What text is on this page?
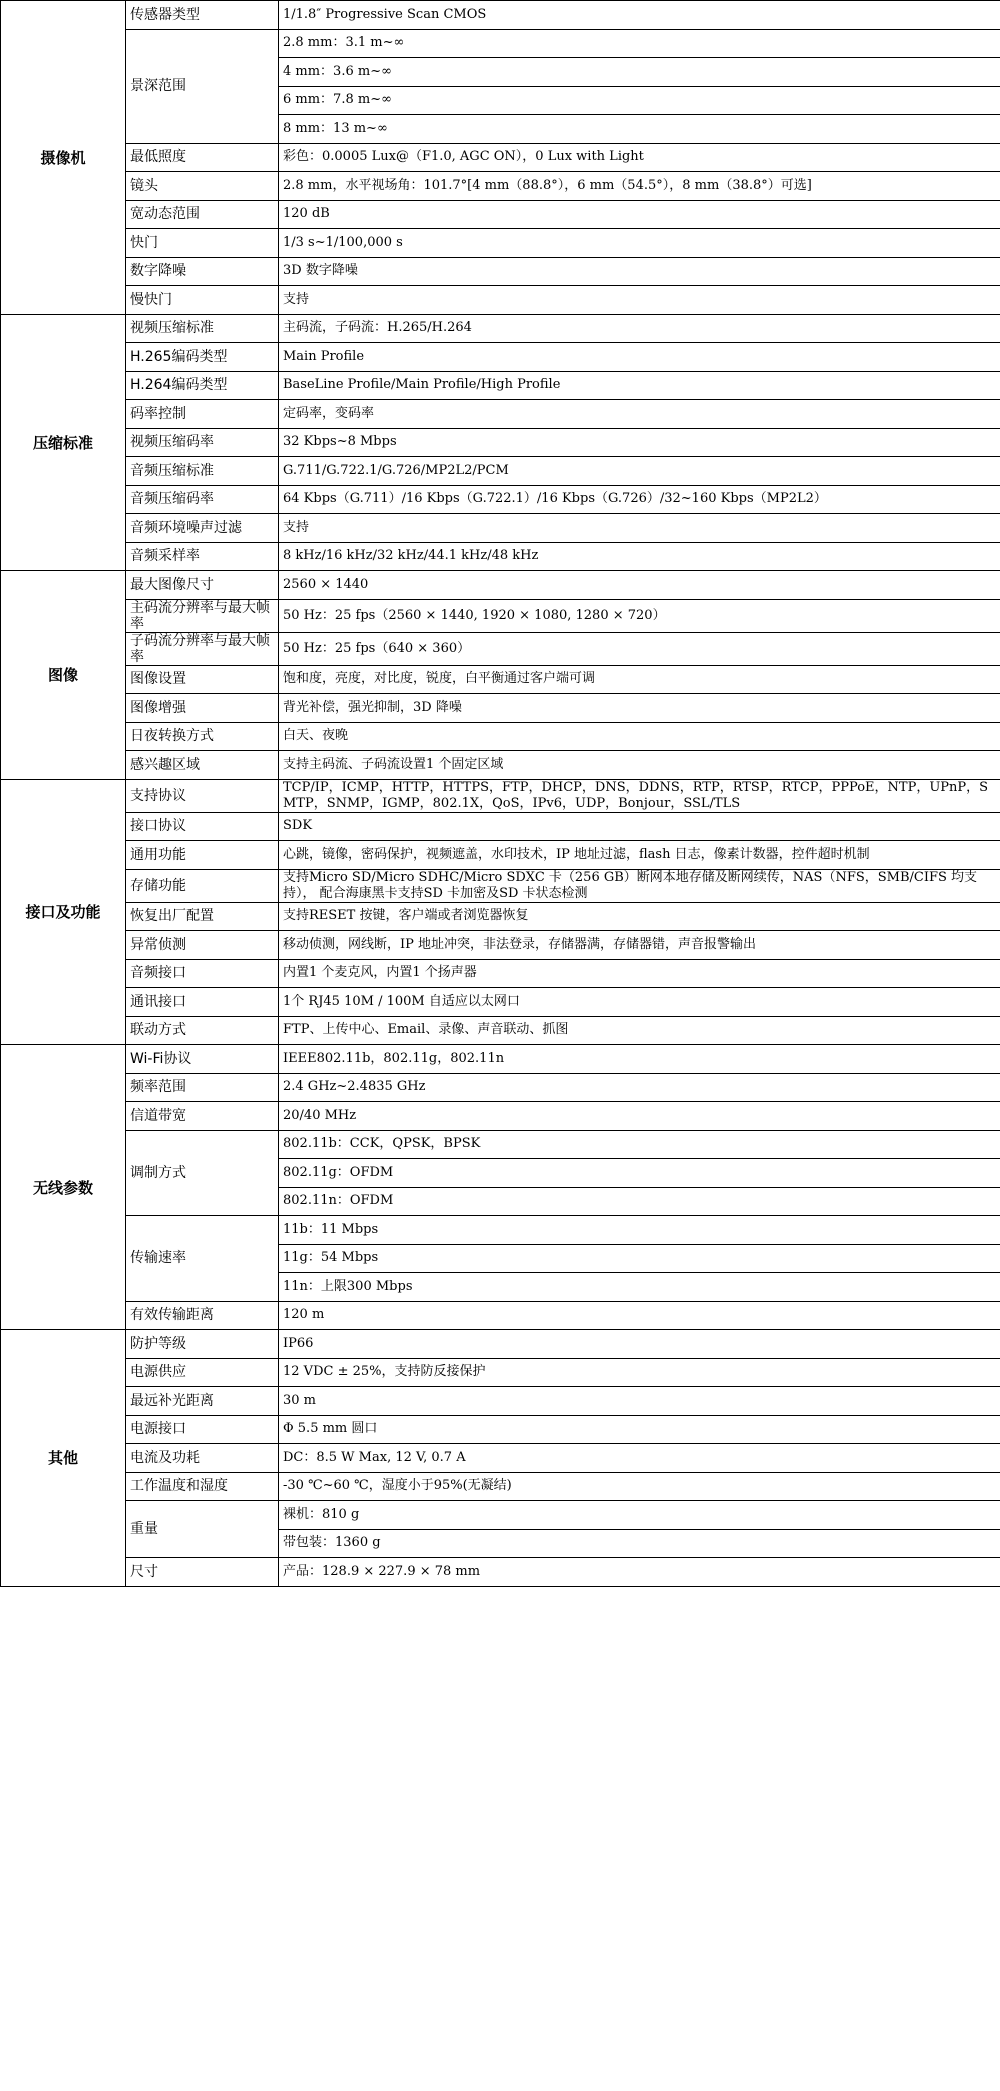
摄像机	传感器类型	1/1.8″ Progressive Scan CMOS
	景深范围	2.8 mm：3.1 m~∞
		4 mm：3.6 m~∞
		6 mm：7.8 m~∞
		8 mm：13 m~∞
	最低照度	彩色：0.0005 Lux@（F1.0, AGC ON），0 Lux with Light
	镜头	2.8 mm，水平视场角：101.7°[4 mm（88.8°），6 mm（54.5°），8 mm（38.8°）可选]
	宽动态范围	120 dB
	快门	1/3 s~1/100,000 s
	数字降噪	3D 数字降噪
	慢快门	支持
压缩标准	视频压缩标准	主码流，子码流：H.265/H.264
	H.265编码类型	Main Profile
	H.264编码类型	BaseLine Profile/Main Profile/High Profile
	码率控制	定码率，变码率
	视频压缩码率	32 Kbps~8 Mbps
	音频压缩标准	G.711/G.722.1/G.726/MP2L2/PCM
	音频压缩码率	64 Kbps（G.711）/16 Kbps（G.722.1）/16 Kbps（G.726）/32~160 Kbps（MP2L2）
	音频环境噪声过滤	支持
	音频采样率	8 kHz/16 kHz/32 kHz/44.1 kHz/48 kHz
图像	最大图像尺寸	2560 × 1440
	主码流分辨率与最大帧率	50 Hz：25 fps（2560 × 1440, 1920 × 1080, 1280 × 720）
	子码流分辨率与最大帧率	50 Hz：25 fps（640 × 360）
	图像设置	饱和度，亮度，对比度，锐度，白平衡通过客户端可调
	图像增强	背光补偿，强光抑制，3D 降噪
	日夜转换方式	白天、夜晚
	感兴趣区域	支持主码流、子码流设置1 个固定区域
接口及功能	支持协议	TCP/IP，ICMP，HTTP，HTTPS，FTP，DHCP，DNS，DDNS，RTP，RTSP，RTCP，PPPoE，NTP，UPnP，SMTP，SNMP，IGMP，802.1X，QoS，IPv6，UDP，Bonjour，SSL/TLS
	接口协议	SDK
	通用功能	心跳，镜像，密码保护，视频遮盖，水印技术，IP 地址过滤，flash 日志，像素计数器，控件超时机制
	存储功能	支持Micro SD/Micro SDHC/Micro SDXC 卡（256 GB）断网本地存储及断网续传，NAS（NFS，SMB/CIFS 均支持）， 配合海康黑卡支持SD 卡加密及SD 卡状态检测
	恢复出厂配置	支持RESET 按键，客户端或者浏览器恢复
	异常侦测	移动侦测，网线断，IP 地址冲突，非法登录，存储器满，存储器错，声音报警输出
	音频接口	内置1 个麦克风，内置1 个扬声器
	通讯接口	1个 RJ45 10M / 100M 自适应以太网口
	联动方式	FTP、上传中心、Email、录像、声音联动、抓图
无线参数	Wi-Fi协议	IEEE802.11b，802.11g，802.11n
	频率范围	2.4 GHz~2.4835 GHz
	信道带宽	20/40 MHz
	调制方式	802.11b：CCK，QPSK，BPSK
		802.11g：OFDM
		802.11n：OFDM
	传输速率	11b：11 Mbps
		11g：54 Mbps
		11n：上限300 Mbps
	有效传输距离	120 m
其他	防护等级	IP66
	电源供应	12 VDC ± 25%，支持防反接保护
	最远补光距离	30 m
	电源接口	Φ 5.5 mm 圆口
	电流及功耗	DC：8.5 W Max, 12 V, 0.7 A
	工作温度和湿度	-30 ℃~60 ℃，湿度小于95%(无凝结)
	重量	裸机：810 g
		带包装：1360 g
	尺寸	产品：128.9 × 227.9 × 78 mm
